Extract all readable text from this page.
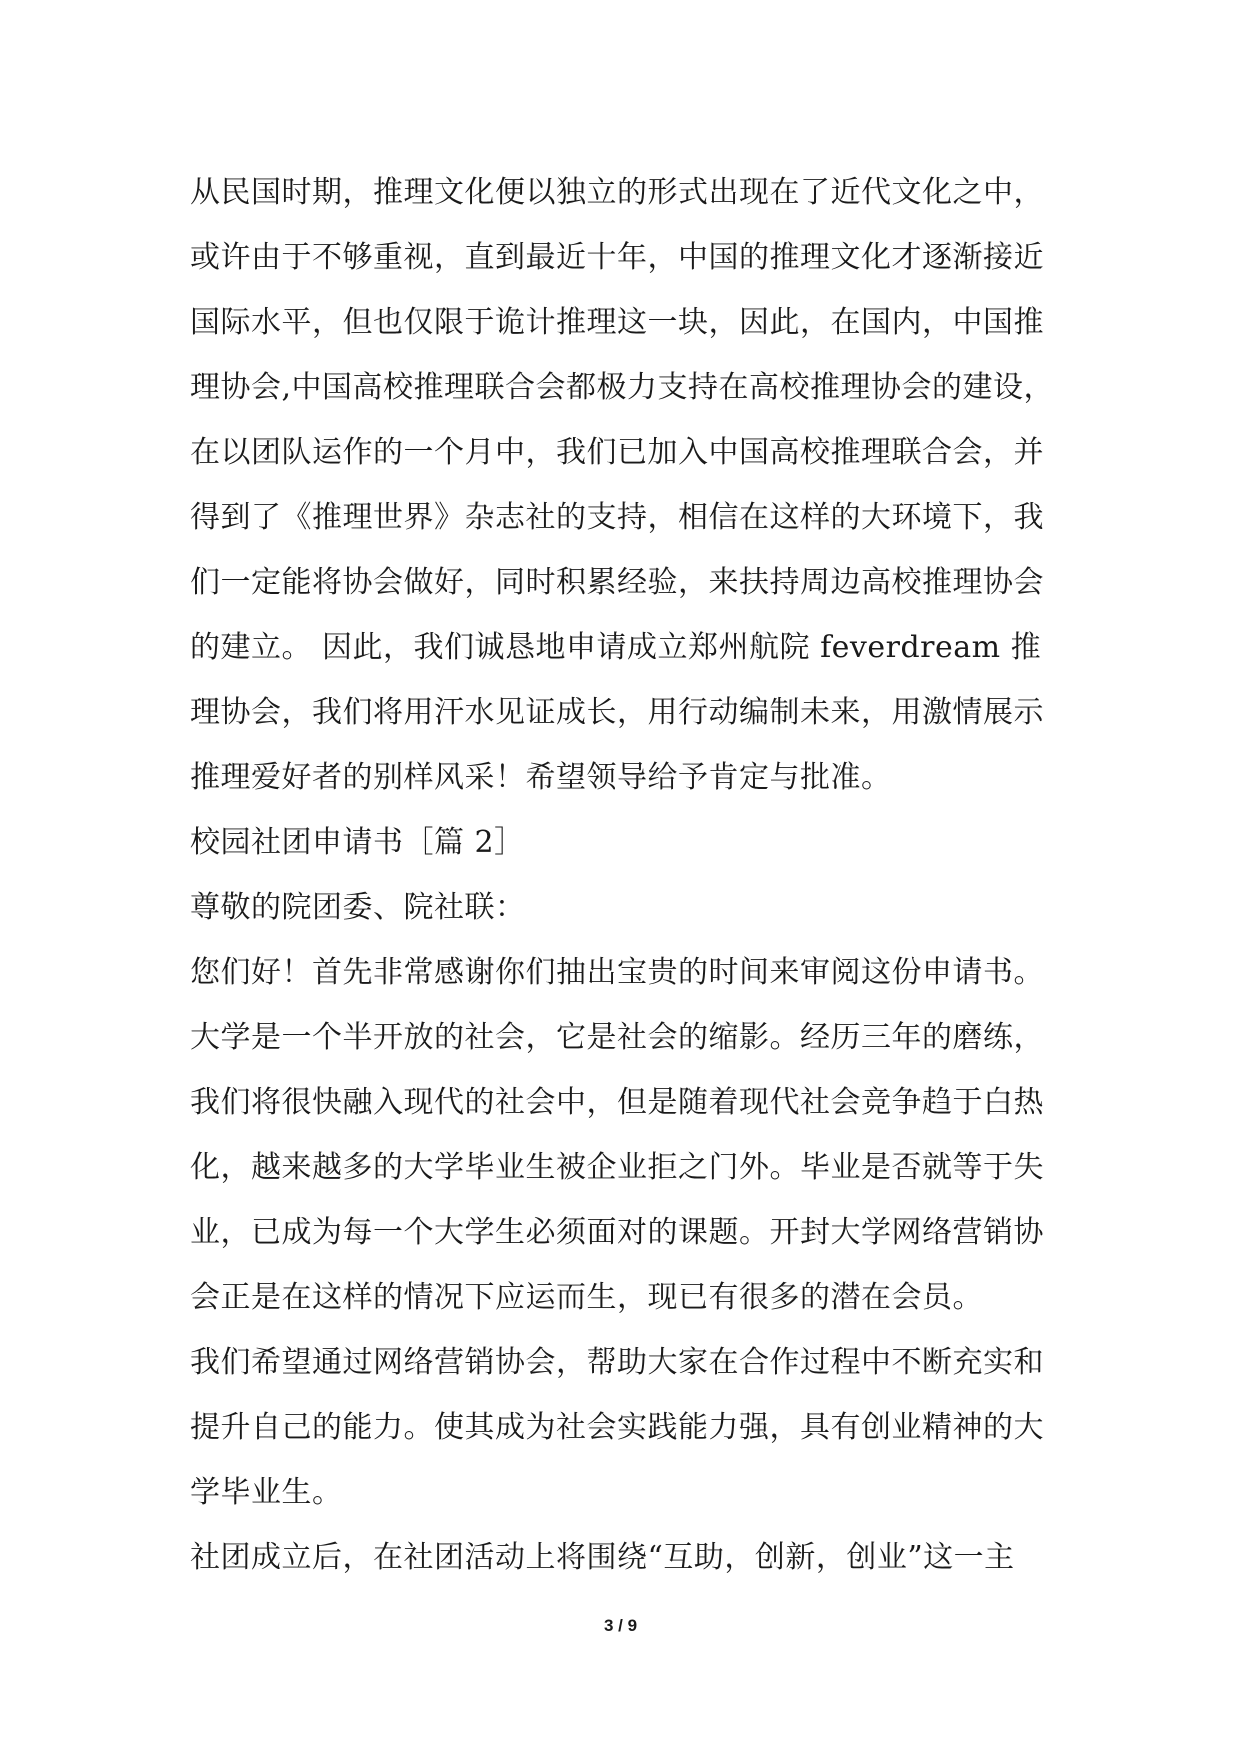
从民国时期，推理文化便以独立的形式出现在了近代文化之中，
或许由于不够重视，直到最近十年，中国的推理文化才逐渐接近
国际水平，但也仅限于诡计推理这一块，因此，在国内，中国推
理协会,中国高校推理联合会都极力支持在高校推理协会的建设，
在以团队运作的一个月中，我们已加入中国高校推理联合会，并
得到了《推理世界》杂志社的支持，相信在这样的大环境下，我
们一定能将协会做好，同时积累经验，来扶持周边高校推理协会
的建立。 因此，我们诚恳地申请成立郑州航院 feverdream 推
理协会，我们将用汗水见证成长，用行动编制未来，用激情展示
推理爱好者的别样风采！希望领导给予肯定与批准。
校园社团申请书［篇 2］
尊敬的院团委、院社联：
您们好！首先非常感谢你们抽出宝贵的时间来审阅这份申请书。
大学是一个半开放的社会，它是社会的缩影。经历三年的磨练，
我们将很快融入现代的社会中，但是随着现代社会竞争趋于白热
化，越来越多的大学毕业生被企业拒之门外。毕业是否就等于失
业，已成为每一个大学生必须面对的课题。开封大学网络营销协
会正是在这样的情况下应运而生，现已有很多的潜在会员。
我们希望通过网络营销协会，帮助大家在合作过程中不断充实和
提升自己的能力。使其成为社会实践能力强，具有创业精神的大
学毕业生。
社团成立后，在社团活动上将围绕“互助，创新，创业”这一主
3 / 9
